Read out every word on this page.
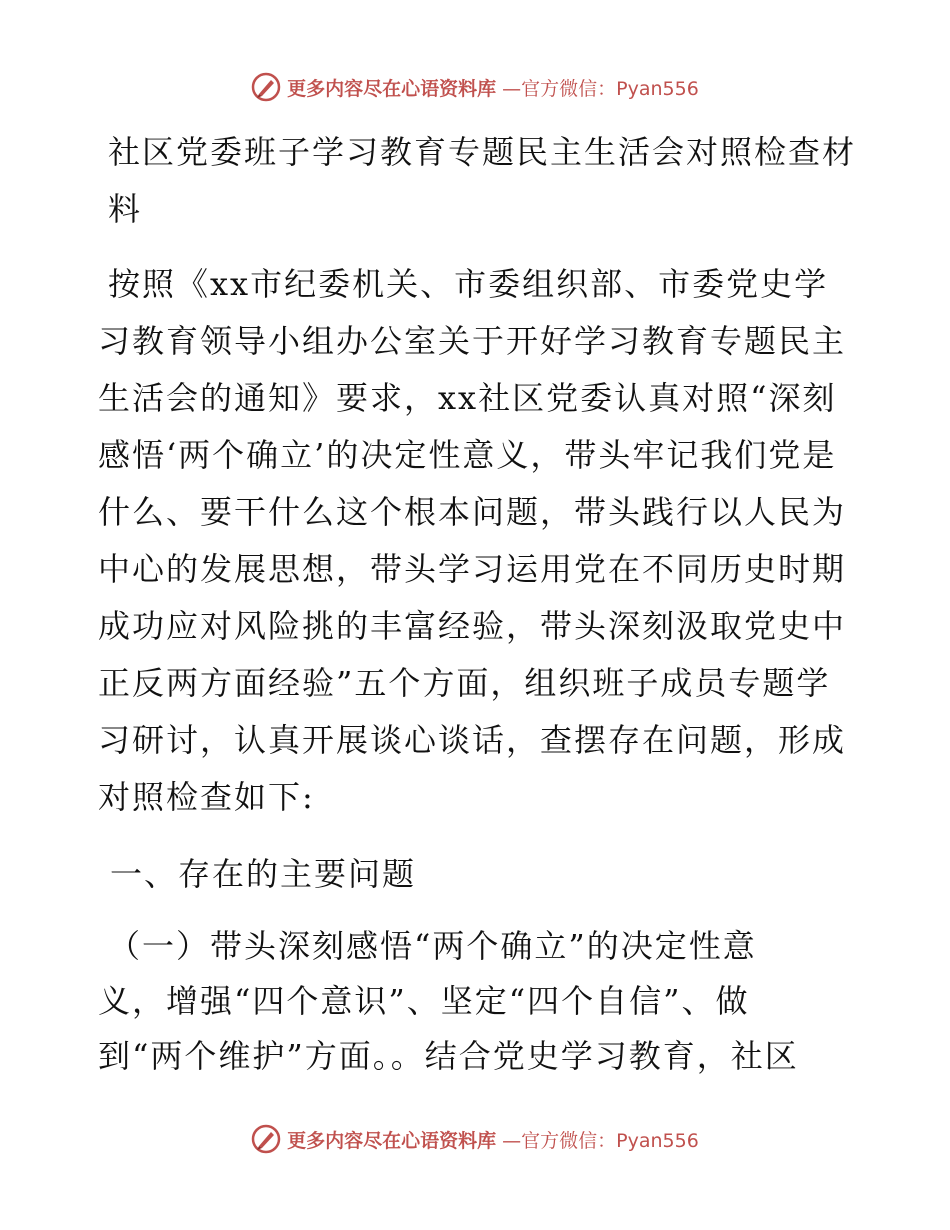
更多内容尽在心语资料库 —官方微信：Pyan556

社区党委班子学习教育专题民主生活会对照检查材料

按照《xx市纪委机关、市委组织部、市委党史学习教育领导小组办公室关于开好学习教育专题民主生活会的通知》要求，xx社区党委认真对照“深刻感悟‘两个确立’的决定性意义，带头牢记我们党是什么、要干什么这个根本问题，带头践行以人民为中心的发展思想，带头学习运用党在不同历史时期成功应对风险挑的丰富经验，带头深刻汲取党史中正反两方面经验”五个方面，组织班子成员专题学习研讨，认真开展谈心谈话，查摆存在问题，形成对照检查如下:

一、存在的主要问题

（一）带头深刻感悟“两个确立”的决定性意义，增强“四个意识”、坚定“四个自信”、做到“两个维护”方面。。结合党史学习教育，社区

更多内容尽在心语资料库 —官方微信：Pyan556
